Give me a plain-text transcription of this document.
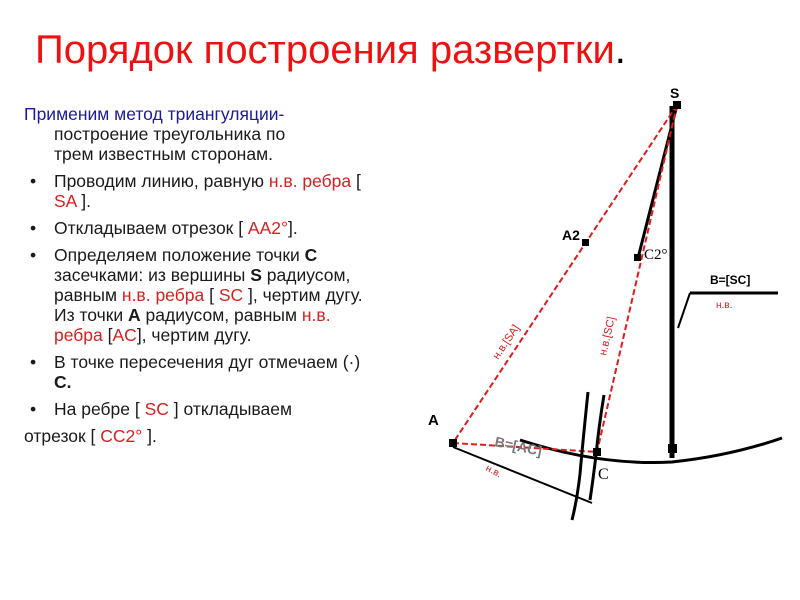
Порядок построения развертки.

Применим метод триангуляции-
построение треугольника по
трем известным сторонам.

• Проводим линию, равную н.в. ребра [ SA ].
• Откладываем отрезок [ AA2°].
• Определяем положение точки C засечками: из вершины S радиусом, равным н.в. ребра [ SC ], чертим дугу. Из точки A радиусом, равным н.в. ребра [AC], чертим дугу.
• В точке пересечения дуг отмечаем (·) C.
• На ребре [ SC ] откладываем
отрезок [ CC2° ].
S
A
A2
C2°
C
B=[SC]
B=[AC]
н.в.[SA]	н.в.[SC]
н.в.
н.в.
